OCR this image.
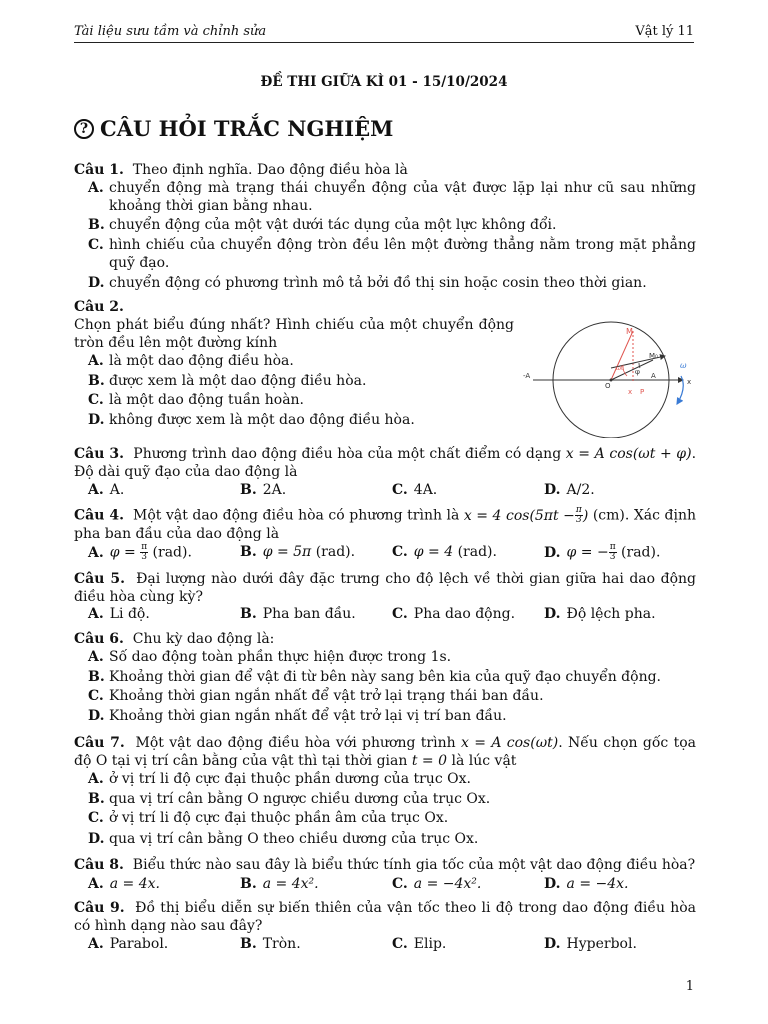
Tài liệu sưu tầm và chỉnh sửa	Vật lý 11
ĐỀ THI GIỮA KÌ 01 - 15/10/2024
? CÂU HỎI TRẮC NGHIỆM
Câu 1. Theo định nghĩa. Dao động điều hòa là
A. chuyển động mà trạng thái chuyển động của vật được lặp lại như cũ sau những khoảng thời gian bằng nhau.
B. chuyển động của một vật dưới tác dụng của một lực không đổi.
C. hình chiếu của chuyển động tròn đều lên một đường thẳng nằm trong mặt phẳng quỹ đạo.
D. chuyển động có phương trình mô tả bởi đồ thị sin hoặc cosin theo thời gian.
Câu 2.
Chọn phát biểu đúng nhất? Hình chiếu của một chuyển động tròn đều lên một đường kính
A. là một dao động điều hòa.
B. được xem là một dao động điều hòa.
C. là một dao động tuần hoàn.
D. không được xem là một dao động điều hòa.
M
M₀
ω
ωt φ
-A	A
O	x
x P
Câu 3. Phương trình dao động điều hòa của một chất điểm có dạng x = A cos(ωt + φ). Độ dài quỹ đạo của dao động là
A. A.	B. 2A.	C. 4A.	D. A/2.
Câu 4. Một vật dao động điều hòa có phương trình là x = 4 $\cos(5\pi t - \frac{\pi}{3}$ ) (cm). Xác định pha ban đầu của dao động là
A. $\varphi = \frac{\pi}{3} (rad)$.	B. φ = 5π (rad).	C. φ = 4 (rad).	D. φ = − $\frac{\pi}{3} (rad)$.
Câu 5. Đại lượng nào dưới đây đặc trưng cho độ lệch về thời gian giữa hai dao động điều hòa cùng kỳ?
A. Li độ.	B. Pha ban đầu.	C. Pha dao động.	D. Độ lệch pha.
Câu 6. Chu kỳ dao động là:
A. Số dao động toàn phần thực hiện được trong 1s.
B. Khoảng thời gian để vật đi từ bên này sang bên kia của quỹ đạo chuyển động.
C. Khoảng thời gian ngắn nhất để vật trở lại trạng thái ban đầu.
D. Khoảng thời gian ngắn nhất để vật trở lại vị trí ban đầu.
Câu 7. Một vật dao động điều hòa với phương trình x = A cos(ωt). Nếu chọn gốc tọa độ O tại vị trí cân bằng của vật thì tại thời gian t = 0 là lúc vật
A. ở vị trí li độ cực đại thuộc phần dương của trục Ox.
B. qua vị trí cân bằng O ngược chiều dương của trục Ox.
C. ở vị trí li độ cực đại thuộc phần âm của trục Ox.
D. qua vị trí cân bằng O theo chiều dương của trục Ox.
Câu 8. Biểu thức nào sau đây là biểu thức tính gia tốc của một vật dao động điều hòa?
A. a = 4x.	B. a = 4x².	C. a = −4x².	D. a = −4x.
Câu 9. Đồ thị biểu diễn sự biến thiên của vận tốc theo li độ trong dao động điều hòa có hình dạng nào sau đây?
A. Parabol.	B. Tròn.	C. Elip.	D. Hyperbol.
1
